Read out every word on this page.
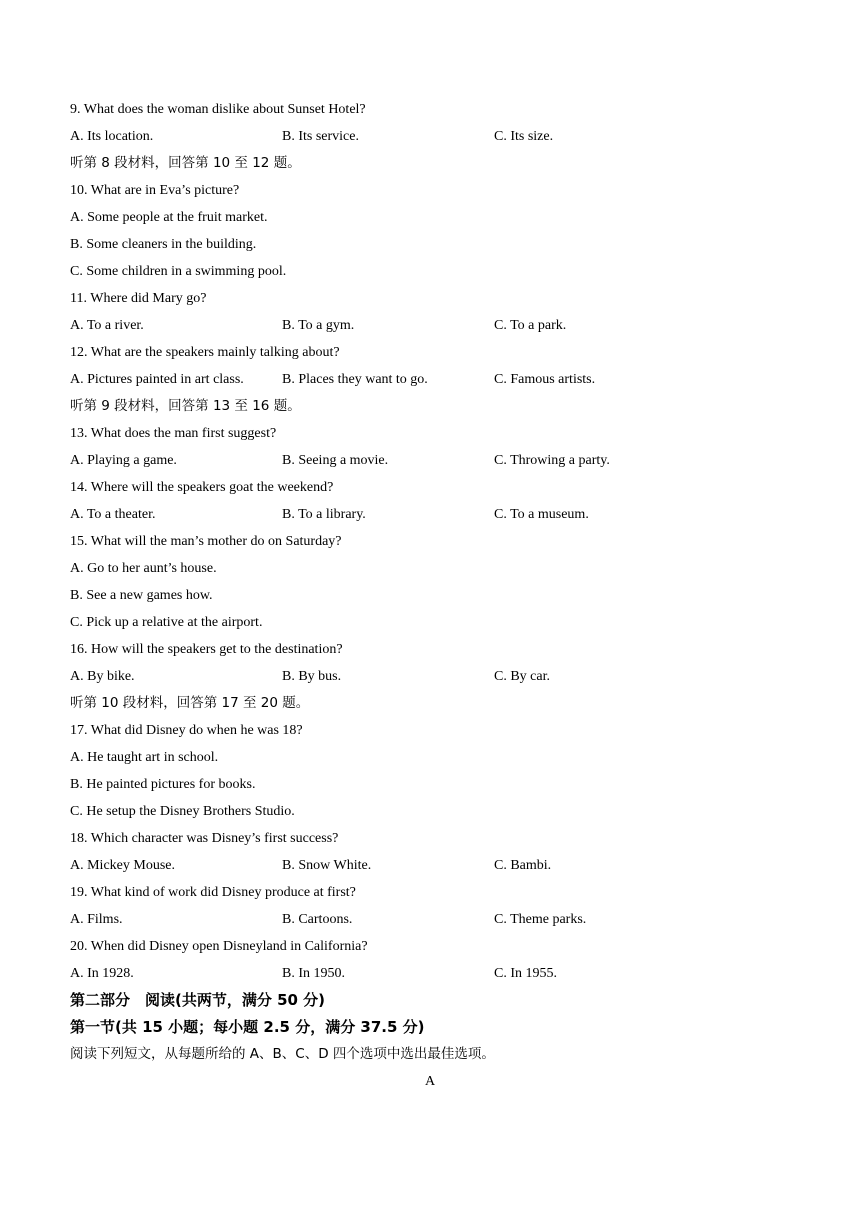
9. What does the woman dislike about Sunset Hotel?
A. Its location.	B. Its service.	C. Its size.
听第 8 段材料，回答第 10 至 12 题。
10. What are in Eva’s picture?
A. Some people at the fruit market.
B. Some cleaners in the building.
C. Some children in a swimming pool.
11. Where did Mary go?
A. To a river.	B. To a gym.	C. To a park.
12. What are the speakers mainly talking about?
A. Pictures painted in art class.	B. Places they want to go.	C. Famous artists.
听第 9 段材料，回答第 13 至 16 题。
13. What does the man first suggest?
A. Playing a game.	B. Seeing a movie.	C. Throwing a party.
14. Where will the speakers goat the weekend?
A. To a theater.	B. To a library.	C. To a museum.
15. What will the man’s mother do on Saturday?
A. Go to her aunt’s house.
B. See a new games how.
C. Pick up a relative at the airport.
16. How will the speakers get to the destination?
A. By bike.	B. By bus.	C. By car.
听第 10 段材料，回答第 17 至 20 题。
17. What did Disney do when he was 18?
A. He taught art in school.
B. He painted pictures for books.
C. He setup the Disney Brothers Studio.
18. Which character was Disney’s first success?
A. Mickey Mouse.	B. Snow White.	C. Bambi.
19. What kind of work did Disney produce at first?
A. Films.	B. Cartoons.	C. Theme parks.
20. When did Disney open Disneyland in California?
A. In 1928.	B. In 1950.	C. In 1955.
第二部分　阅读(共两节，满分 50 分)
第一节(共 15 小题；每小题 2.5 分，满分 37.5 分)
阅读下列短文，从每题所给的 A、B、C、D 四个选项中选出最佳选项。
A
